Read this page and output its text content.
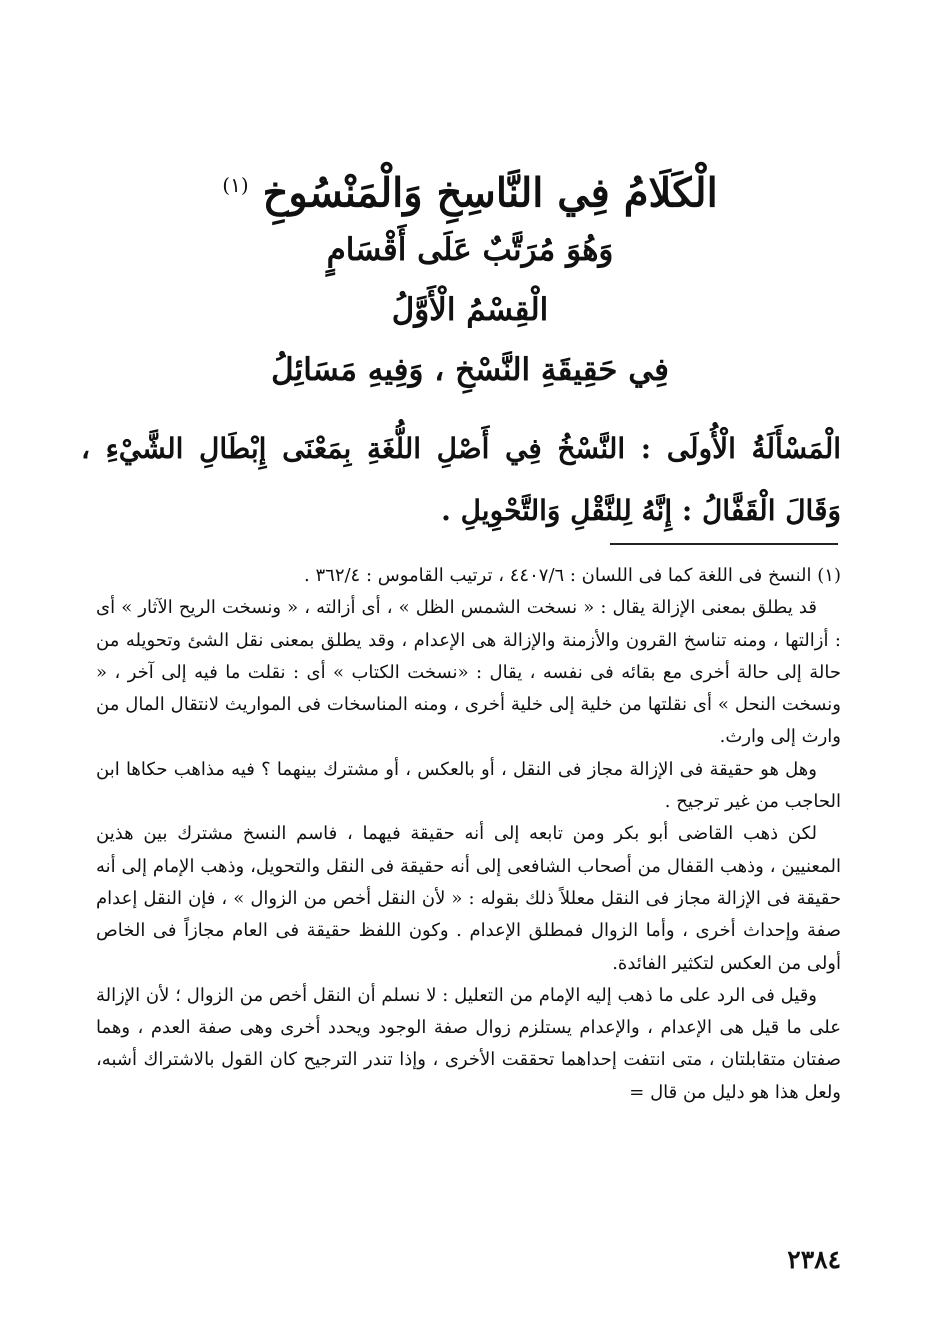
الْكَلَامُ فِي النَّاسِخِ وَالْمَنْسُوخِ $^{(١)}$
وَهُوَ مُرَتَّبٌ عَلَى أَقْسَامٍ
الْقِسْمُ الْأَوَّلُ
فِي حَقِيقَةِ النَّسْخِ ، وَفِيهِ مَسَائِلُ
الْمَسْأَلَةُ الْأُولَى : النَّسْخُ فِي أَصْلِ اللُّغَةِ بِمَعْنَى إِبْطَالِ الشَّيْءِ ، وَقَالَ الْقَفَّالُ : إِنَّهُ لِلنَّقْلِ وَالتَّحْوِيلِ .

(١) النسخ فى اللغة كما فى اللسان : ٤٤٠٧/٦ ، ترتيب القاموس : ٣٦٢/٤ .

قد يطلق بمعنى الإزالة يقال : « نسخت الشمس الظل » ، أى أزالته ، « ونسخت الريح الآثار » أى : أزالتها ، ومنه تناسخ القرون والأزمنة والإزالة هى الإعدام ، وقد يطلق بمعنى نقل الشئ وتحويله من حالة إلى حالة أخرى مع بقائه فى نفسه ، يقال : «نسخت الكتاب » أى : نقلت ما فيه إلى آخر ، « ونسخت النحل » أى نقلتها من خلية إلى خلية أخرى ، ومنه المناسخات فى المواريث لانتقال المال من وارث إلى وارث.

وهل هو حقيقة فى الإزالة مجاز فى النقل ، أو بالعكس ، أو مشترك بينهما ؟ فيه مذاهب حكاها ابن الحاجب من غير ترجيح .

لكن ذهب القاضى أبو بكر ومن تابعه إلى أنه حقيقة فيهما ، فاسم النسخ مشترك بين هذين المعنيين ، وذهب القفال من أصحاب الشافعى إلى أنه حقيقة فى النقل والتحويل، وذهب الإمام إلى أنه حقيقة فى الإزالة مجاز فى النقل معللاً ذلك بقوله : « لأن النقل أخص من الزوال » ، فإن النقل إعدام صفة وإحداث أخرى ، وأما الزوال فمطلق الإعدام . وكون اللفظ حقيقة فى العام مجازاً فى الخاص أولى من العكس لتكثير الفائدة.

وقيل فى الرد على ما ذهب إليه الإمام من التعليل : لا نسلم أن النقل أخص من الزوال ؛ لأن الإزالة على ما قيل هى الإعدام ، والإعدام يستلزم زوال صفة الوجود ويحدد أخرى وهى صفة العدم ، وهما صفتان متقابلتان ، متى انتفت إحداهما تحققت الأخرى ، وإذا تندر الترجيح كان القول بالاشتراك أشبه، ولعل هذا هو دليل من قال =

٢٣٨٤
